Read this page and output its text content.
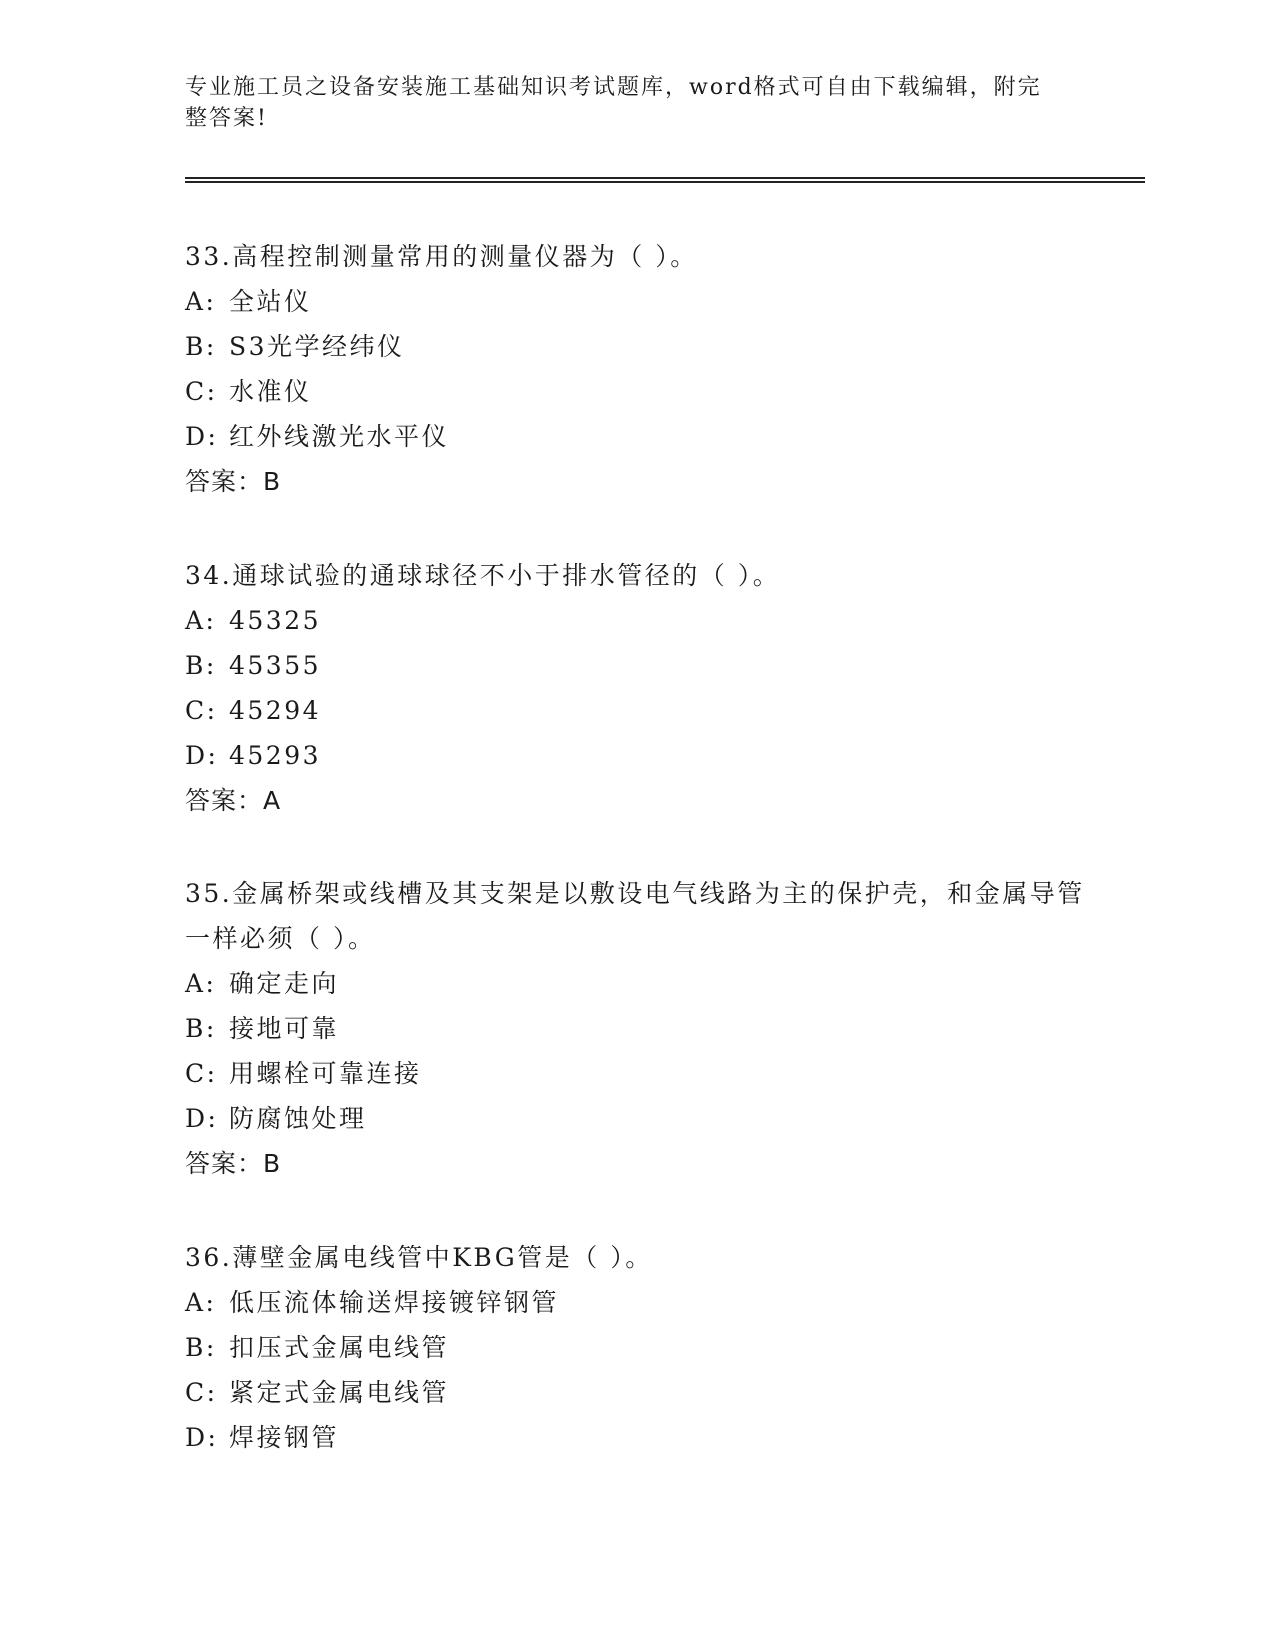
专业施工员之设备安装施工基础知识考试题库，word格式可自由下载编辑，附完整答案!
33.高程控制测量常用的测量仪器为（ ）。
A: 全站仪
B: S3光学经纬仪
C: 水准仪
D: 红外线激光水平仪
答案：B
34.通球试验的通球球径不小于排水管径的（ ）。
A: 45325
B: 45355
C: 45294
D: 45293
答案：A
35.金属桥架或线槽及其支架是以敷设电气线路为主的保护壳，和金属导管一样必须（ ）。
A: 确定走向
B: 接地可靠
C: 用螺栓可靠连接
D: 防腐蚀处理
答案：B
36.薄壁金属电线管中KBG管是（ ）。
A: 低压流体输送焊接镀锌钢管
B: 扣压式金属电线管
C: 紧定式金属电线管
D: 焊接钢管
